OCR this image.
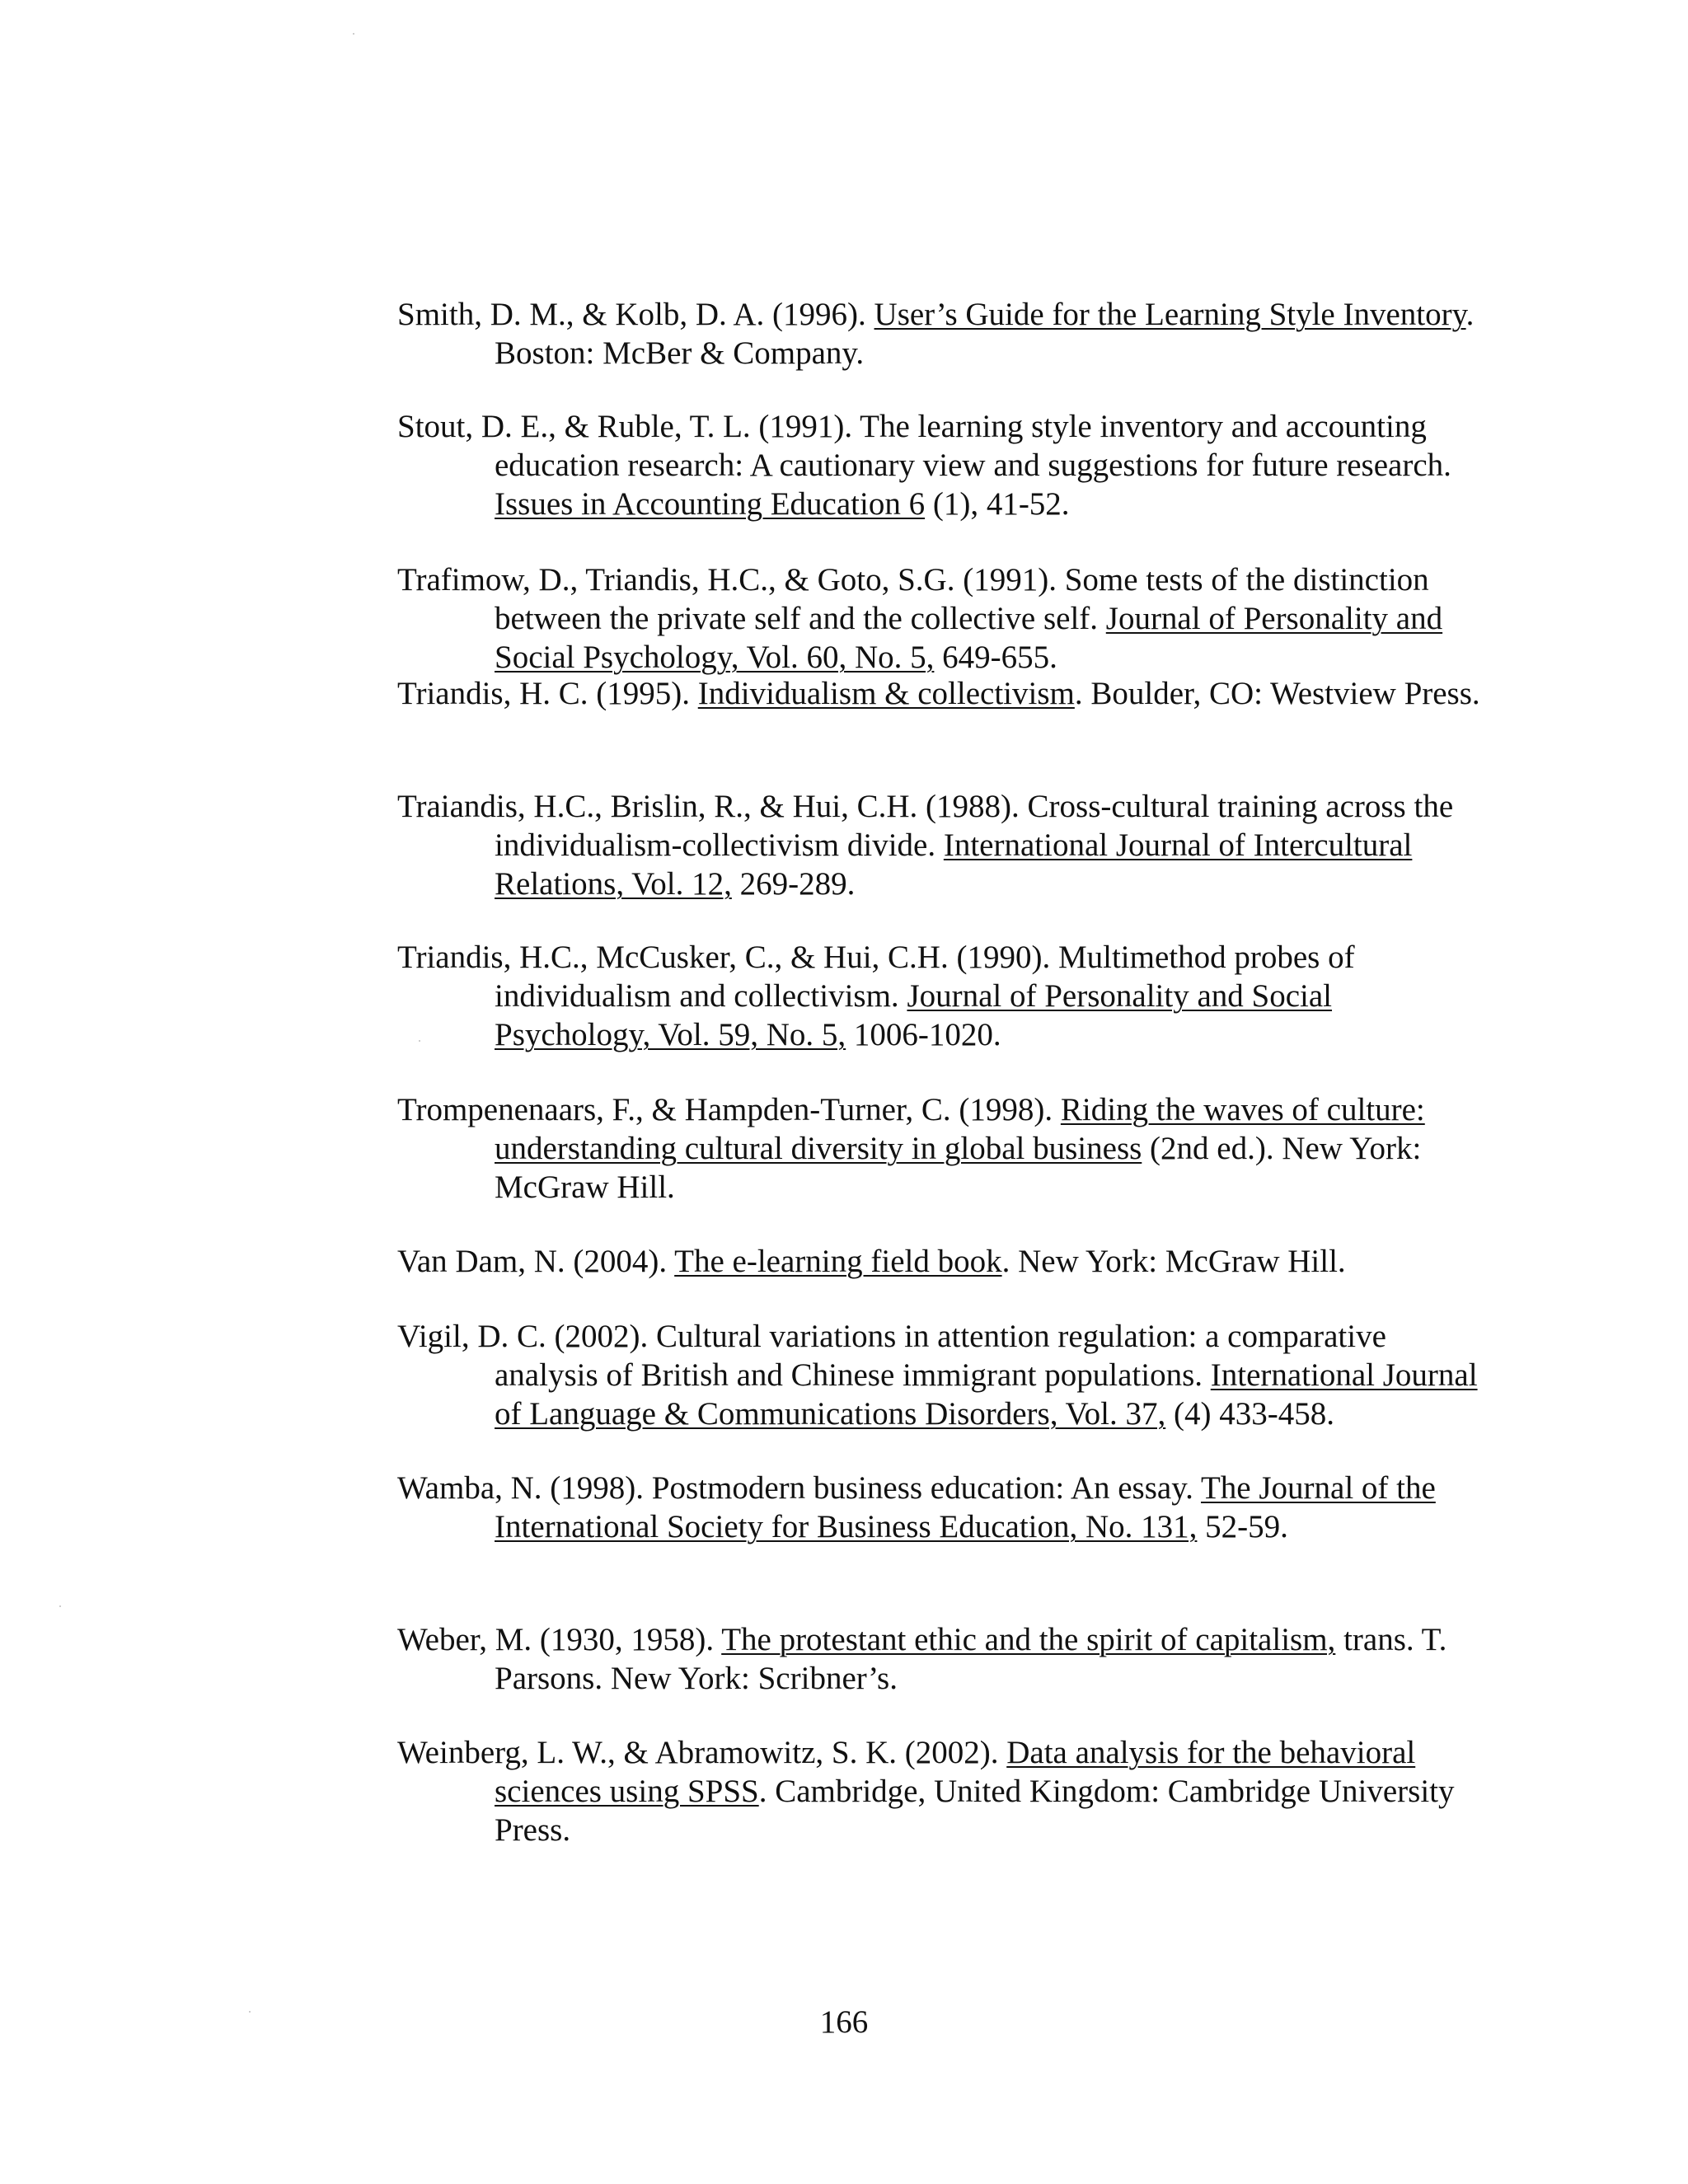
Smith, D. M., & Kolb, D. A. (1996). User’s Guide for the Learning Style Inventory. Boston: McBer & Company.

Stout, D. E., & Ruble, T. L. (1991). The learning style inventory and accounting education research: A cautionary view and suggestions for future research. Issues in Accounting Education 6 (1), 41-52.

Trafimow, D., Triandis, H.C., & Goto, S.G. (1991). Some tests of the distinction between the private self and the collective self. Journal of Personality and Social Psychology, Vol. 60, No. 5, 649-655.

Triandis, H. C. (1995). Individualism & collectivism. Boulder, CO: Westview Press.

Traiandis, H.C., Brislin, R., & Hui, C.H. (1988). Cross-cultural training across the individualism-collectivism divide. International Journal of Intercultural Relations, Vol. 12, 269-289.

Triandis, H.C., McCusker, C., & Hui, C.H. (1990). Multimethod probes of individualism and collectivism. Journal of Personality and Social Psychology, Vol. 59, No. 5, 1006-1020.

Trompenenaars, F., & Hampden-Turner, C. (1998). Riding the waves of culture: understanding cultural diversity in global business (2nd ed.). New York: McGraw Hill.

Van Dam, N. (2004). The e-learning field book. New York: McGraw Hill.

Vigil, D. C. (2002). Cultural variations in attention regulation: a comparative analysis of British and Chinese immigrant populations. International Journal of Language & Communications Disorders, Vol. 37, (4) 433-458.

Wamba, N. (1998). Postmodern business education: An essay. The Journal of the International Society for Business Education, No. 131, 52-59.

Weber, M. (1930, 1958). The protestant ethic and the spirit of capitalism, trans. T. Parsons. New York: Scribner’s.

Weinberg, L. W., & Abramowitz, S. K. (2002). Data analysis for the behavioral sciences using SPSS. Cambridge, United Kingdom: Cambridge University Press.

166
